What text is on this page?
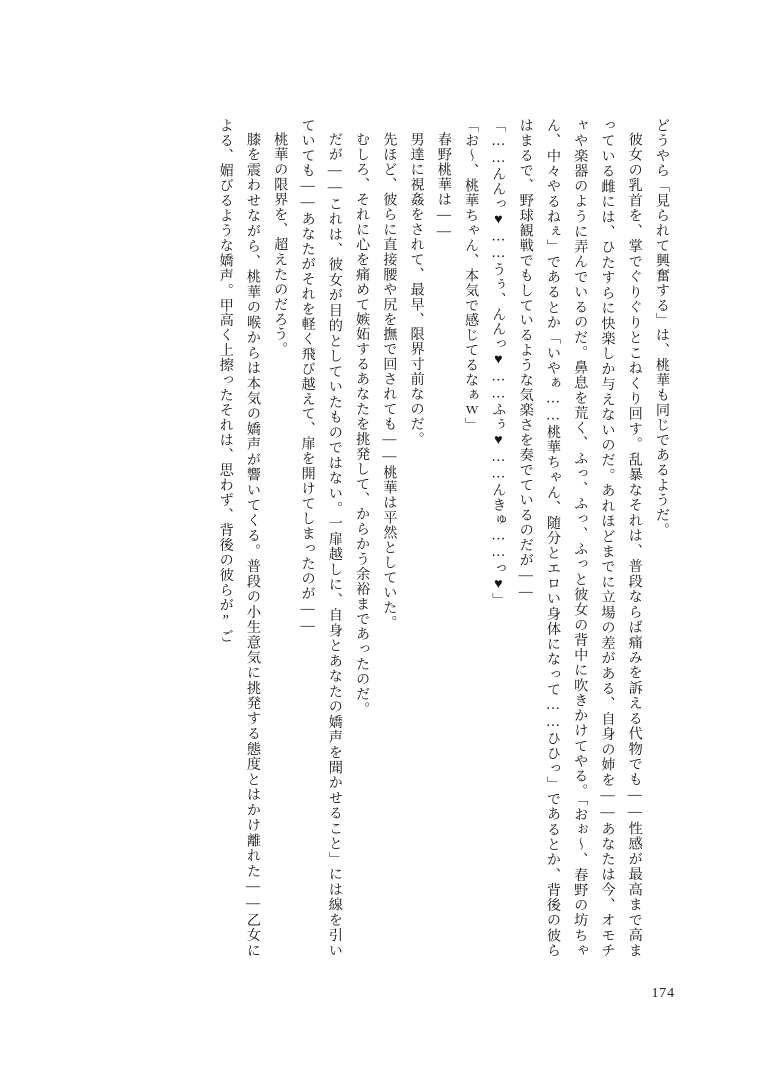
どうやら「見られて興奮する」は、桃華も同じであるようだ。

彼女の乳首を、掌でぐりぐりとこねくり回す。乱暴なそれは、普段ならば痛みを訴える代物でも――性感が最高まで高まっている雌には、ひたすらに快楽しか与えないのだ。あれほどまでに立場の差がある、自身の姉を――あなたは今、オモチャや楽器のように弄んでいるのだ。鼻息を荒く、ふっ、ふっ、ふっと彼女の背中に吹きかけてやる。「おぉ～、春野の坊ちゃん、中々やるねぇ」であるとか「いやぁ……桃華ちゃん、随分とエロい身体になって……ひひっ」であるとか、背後の彼らはまるで、野球観戦でもしているような気楽さを奏でているのだが――

「……んんっ♥……うぅ、んんっ♥……ふぅ♥……んきゅ……っ♥」

「お～、桃華ちゃん、本気で感じてるなぁｗ」

春野桃華は――

男達に視姦をされて、最早、限界寸前なのだ。

先ほど、彼らに直接腰や尻を撫で回されても――桃華は平然としていた。

むしろ、それに心を痛めて嫉妬するあなたを挑発して、からかう余裕まであったのだ。

だが――これは、彼女が目的としていたものではない。一扉越しに、自身とあなたの嬌声を聞かせること」には線を引いていても――あなたがそれを軽く飛び越えて、扉を開けてしまったのが――

桃華の限界を、超えたのだろう。

膝を震わせながら、桃華の喉からは本気の嬌声が響いてくる。普段の小生意気に挑発する態度とはかけ離れた――乙女による、媚びるような嬌声。甲高く上擦ったそれは、思わず、背後の彼らが”ご

174
